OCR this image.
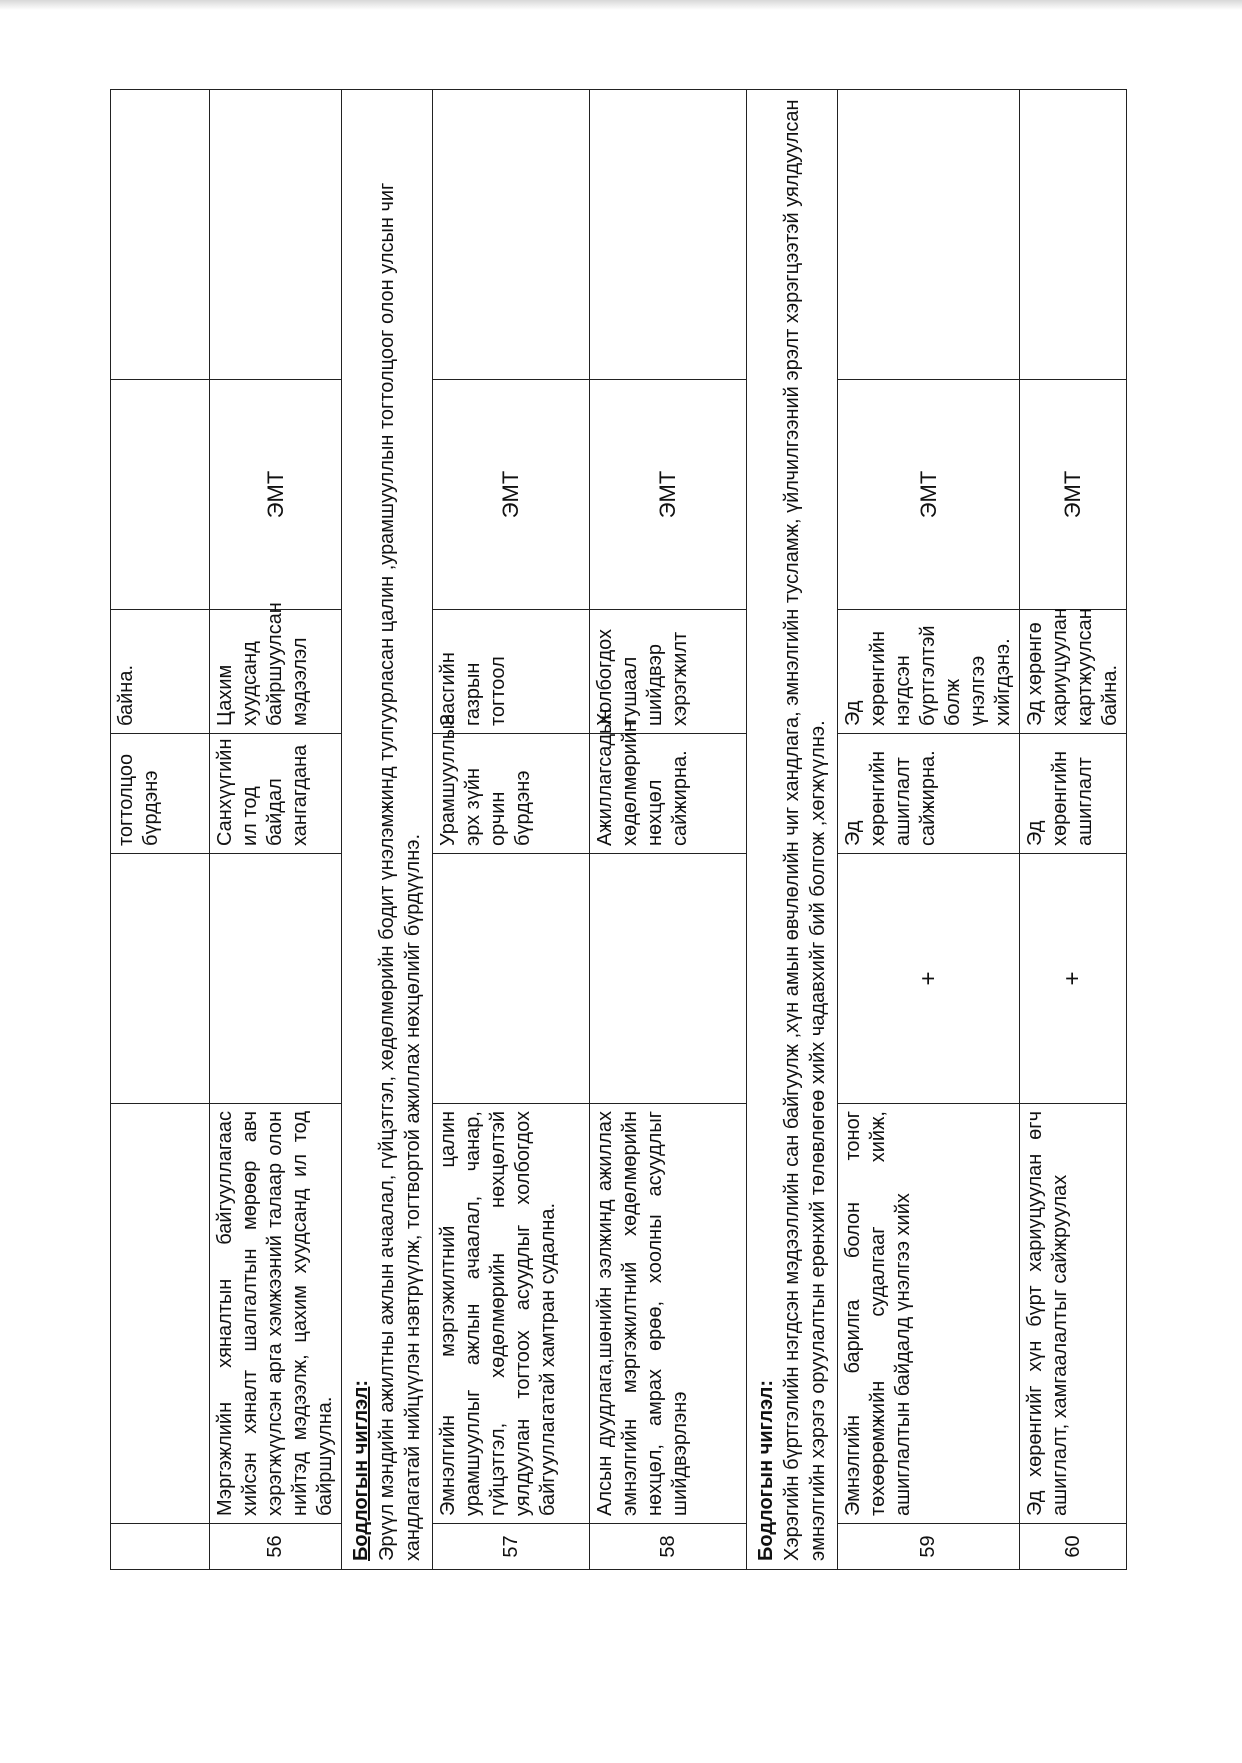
			тогтолцоо бүрдэнэ	байна.		
56	Мэргэжлийн хяналтын байгууллагаас хийсэн хяналт шалгалтын мөрөөр авч хэрэгжүүлсэн арга хэмжээний талаар олон нийтэд мэдээлж, цахим хуудсанд ил тод байршуулна.		Санхүүгийн ил тод байдал хангагдана	Цахим хуудсанд байршуулсан мэдээлэл	ЭМТ	
Бодлогын чиглэл: Эрүүл мэндийн ажилтны ажлын ачаалал, гүйцэтгэл, хөдөлмөрийн бодит үнэлэмжинд тулгуурласан цалин ,урамшууллын тогтолцоог олон улсын чиг хандлагатай нийцүүлэн нэвтрүүлж, тогтвортой ажиллах нөхцөлийг бүрдүүлнэ.						
57	Эмнэлгийн мэргэжилтний цалин урамшууллыг ажлын ачаалал, чанар, гүйцэтгэл, хөдөлмөрийн нөхцөлтэй уялдуулан тогтоох асуудлыг холбогдох байгууллагатай хамтран судална.		Урамшууллын эрх зүйн орчин бүрдэнэ	Засгийн газрын тогтоол	ЭМТ	
58	Алсын дуудлага,шөнийн ээлжинд ажиллах эмнэлгийн мэргэжилтний хөдөлмөрийн нөхцөл, амрах өрөө, хоолны асуудлыг шийдвэрлэнэ		Ажиллагсадын хөдөлмөрийн нөхцөл сайжирна.	Холбогдох тушаал шийдвэр хэрэгжилт	ЭМТ	
Бодлогын чиглэл: Хэрэгийн бүртгэлийн нэгдсэн мэдээллийн сан байгуулж ,хүн амын өвчлөлийн чиг хандлага, эмнэлгийн тусламж, үйлчилгээний эрэлт хэрэгцээтэй уялдуулсан эмнэлгийн хэрэгэ оруулалтын ерөнхий төлөвлөгөө хийх чадавхийг бий болгож ,хөгжүүлнэ.						
59	Эмнэлгийн барилга болон тоног төхөөрөмжийн судалгааг хийж, ашиглалтын байдалд үнэлгээ хийх	+	Эд хөрөнгийн ашиглалт сайжирна.	Эд хөрөнгийн нэгдсэн бүртгэлтэй болж үнэлгээ хийгдэнэ.	ЭМТ	
60	Эд хөрөнгийг хүн бүрт хариуцуулан өгч ашиглалт, хамгаалалтыг сайжруулах	+	Эд хөрөнгийн ашиглалт	Эд хөрөнгө хариуцуулан картжуулсан байна.	ЭМТ	
